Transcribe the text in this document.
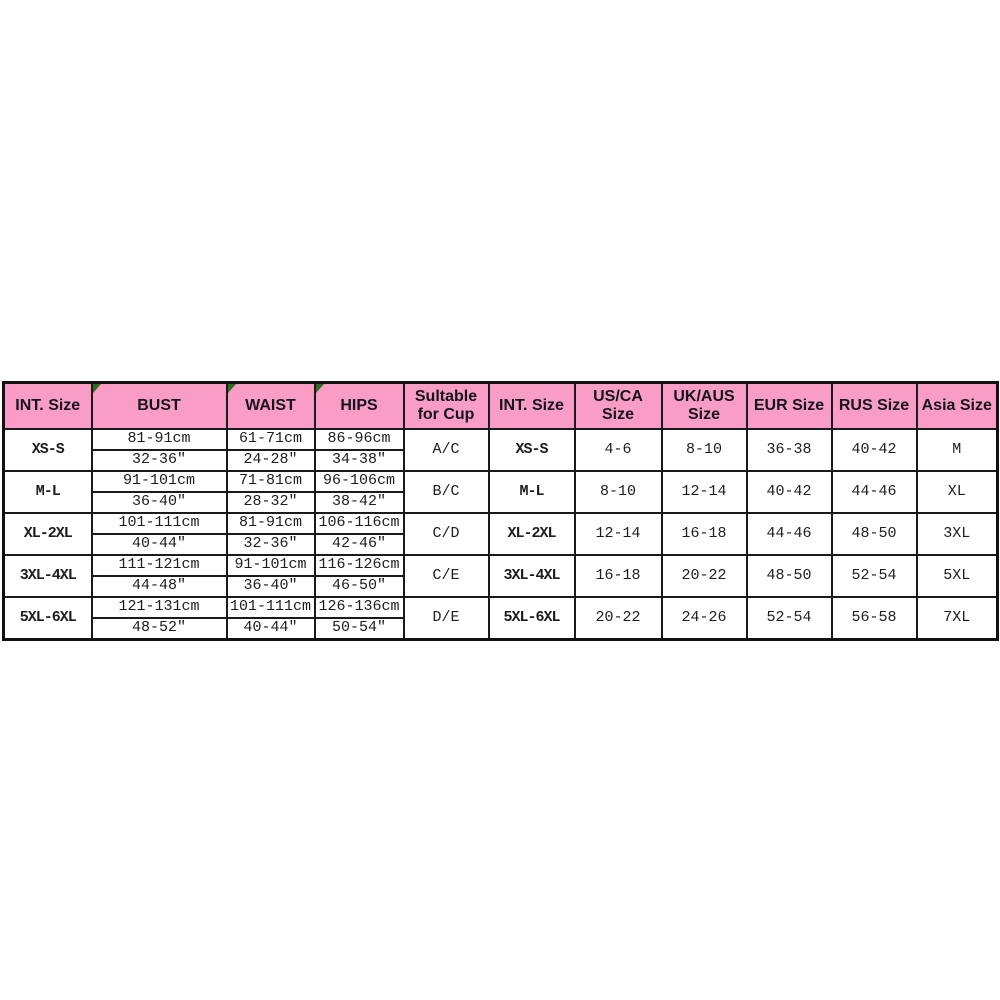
INT. Size	BUST	WAIST	HIPS	Sultable for Cup	INT. Size	US/CA Size	UK/AUS Size	EUR Size	RUS Size	Asia Size
XS-S	81-91cm	61-71cm	86-96cm	A/C	XS-S	4-6	8-10	36-38	40-42	M
	32-36″	24-28″	34-38″							
M-L	91-101cm	71-81cm	96-106cm	B/C	M-L	8-10	12-14	40-42	44-46	XL
	36-40″	28-32″	38-42″							
XL-2XL	101-111cm	81-91cm	106-116cm	C/D	XL-2XL	12-14	16-18	44-46	48-50	3XL
	40-44″	32-36″	42-46″							
3XL-4XL	111-121cm	91-101cm	116-126cm	C/E	3XL-4XL	16-18	20-22	48-50	52-54	5XL
	44-48″	36-40″	46-50″							
5XL-6XL	121-131cm	101-111cm	126-136cm	D/E	5XL-6XL	20-22	24-26	52-54	56-58	7XL
	48-52″	40-44″	50-54″							
